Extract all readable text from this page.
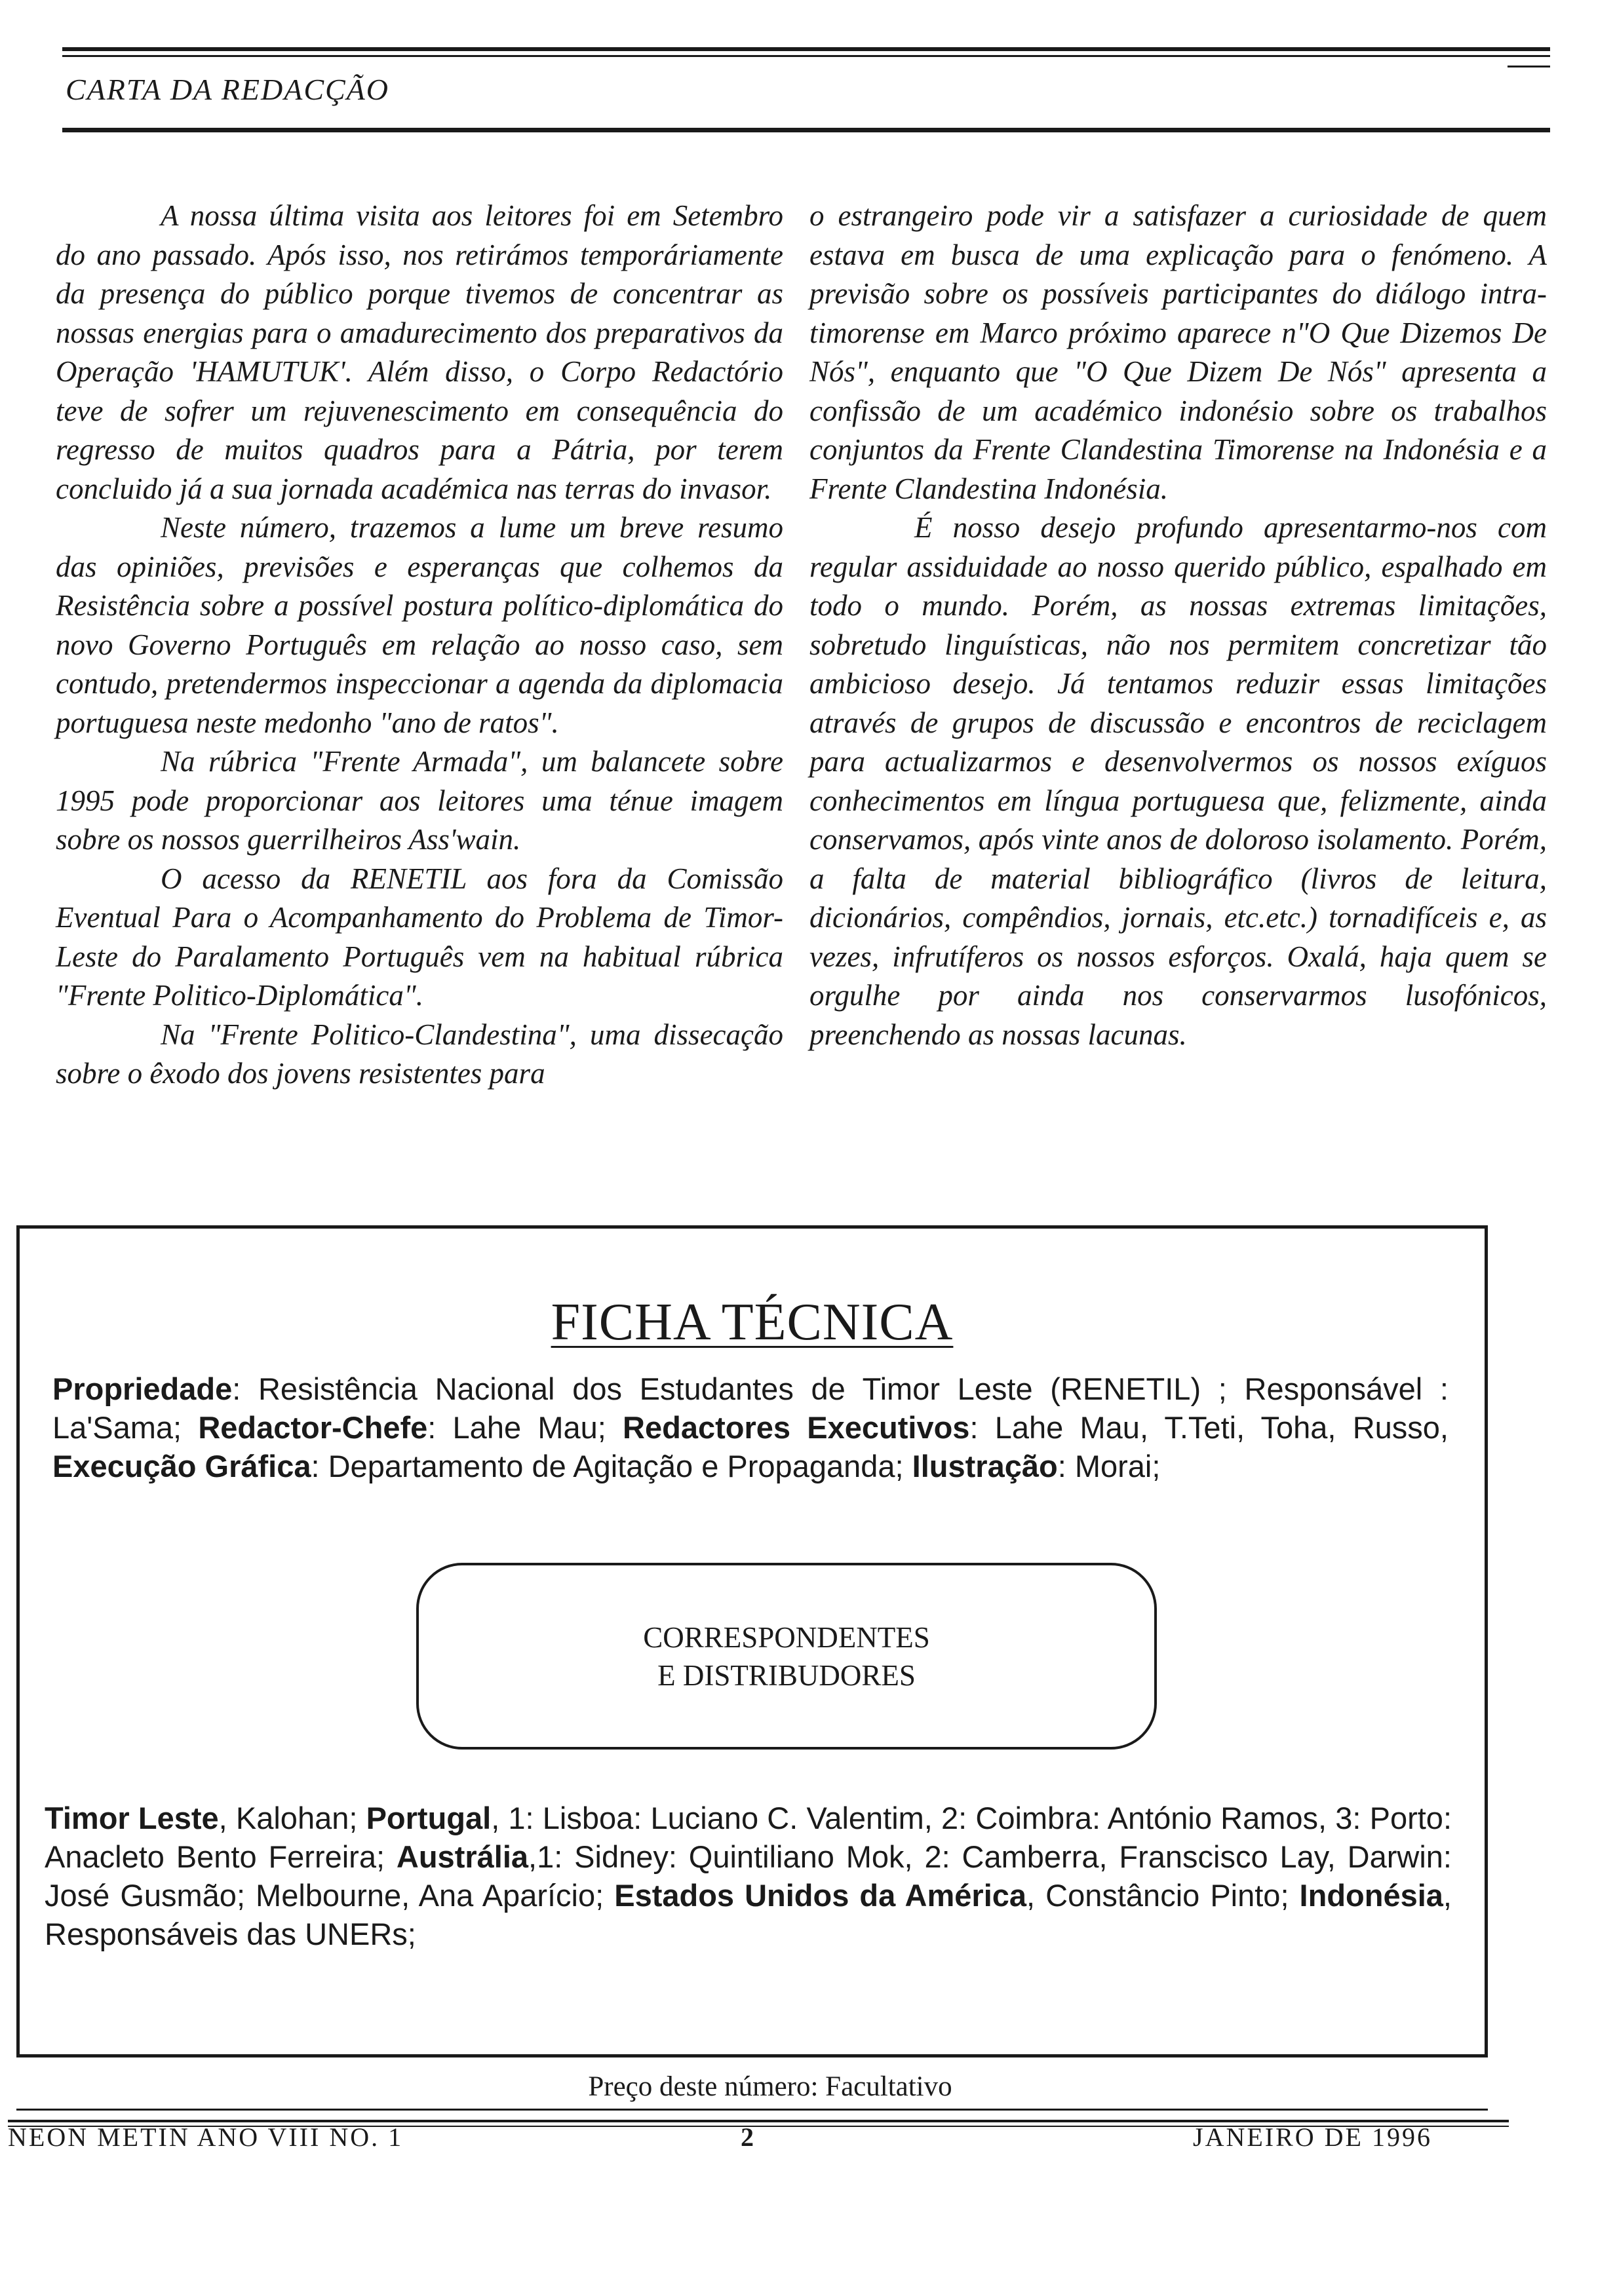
CARTA DA REDACÇÃO

A nossa última visita aos leitores foi em Setembro do ano passado. Após isso, nos retirámos temporáriamente da presença do público porque tivemos de concentrar as nossas energias para o amadurecimento dos preparativos da Operação 'HAMUTUK'. Além disso, o Corpo Redactório teve de sofrer um rejuvenescimento em consequência do regresso de muitos quadros para a Pátria, por terem concluido já a sua jornada académica nas terras do invasor.

Neste número, trazemos a lume um breve resumo das opiniões, previsões e esperanças que colhemos da Resistência sobre a possível postura político-diplomática do novo Governo Português em relação ao nosso caso, sem contudo, pretendermos inspeccionar a agenda da diplomacia portuguesa neste medonho "ano de ratos".

Na rúbrica "Frente Armada", um balancete sobre 1995 pode proporcionar aos leitores uma ténue imagem sobre os nossos guerrilheiros Ass'wain.

O acesso da RENETIL aos fora da Comissão Eventual Para o Acompanhamento do Problema de Timor-Leste do Paralamento Português vem na habitual rúbrica "Frente Politico-Diplomática".

Na "Frente Politico-Clandestina", uma dissecação sobre o êxodo dos jovens resistentes para

o estrangeiro pode vir a satisfazer a curiosidade de quem estava em busca de uma explicação para o fenómeno. A previsão sobre os possíveis participantes do diálogo intra-timorense em Marco próximo aparece n"O Que Dizemos De Nós", enquanto que "O Que Dizem De Nós" apresenta a confissão de um académico indonésio sobre os trabalhos conjuntos da Frente Clandestina Timorense na Indonésia e a Frente Clandestina Indonésia.

É nosso desejo profundo apresentarmo-nos com regular assiduidade ao nosso querido público, espalhado em todo o mundo. Porém, as nossas extremas limitações, sobretudo linguísticas, não nos permitem concretizar tão ambicioso desejo. Já tentamos reduzir essas limitações através de grupos de discussão e encontros de reciclagem para actualizarmos e desenvolvermos os nossos exíguos conhecimentos em língua portuguesa que, felizmente, ainda conservamos, após vinte anos de doloroso isolamento. Porém, a falta de material bibliográfico (livros de leitura, dicionários, compêndios, jornais, etc.etc.) tornadifíceis e, as vezes, infrutíferos os nossos esforços. Oxalá, haja quem se orgulhe por ainda nos conservarmos lusofónicos, preenchendo as nossas lacunas.

FICHA TÉCNICA
Propriedade: Resistência Nacional dos Estudantes de Timor Leste (RENETIL) ; Responsável : La'Sama; Redactor-Chefe: Lahe Mau; Redactores Executivos: Lahe Mau, T.Teti, Toha, Russo, Execução Gráfica: Departamento de Agitação e Propaganda; Ilustração: Morai;
CORRESPONDENTES
E DISTRIBUDORES
Timor Leste, Kalohan; Portugal, 1: Lisboa: Luciano C. Valentim, 2: Coimbra: António Ramos, 3: Porto: Anacleto Bento Ferreira; Austrália,1: Sidney: Quintiliano Mok, 2: Camberra, Franscisco Lay, Darwin: José Gusmão; Melbourne, Ana Aparício; Estados Unidos da América, Constâncio Pinto; Indonésia, Responsáveis das UNERs;
Preço deste número: Facultativo
NEON METIN ANO VIII NO. 1	2	JANEIRO DE 1996
